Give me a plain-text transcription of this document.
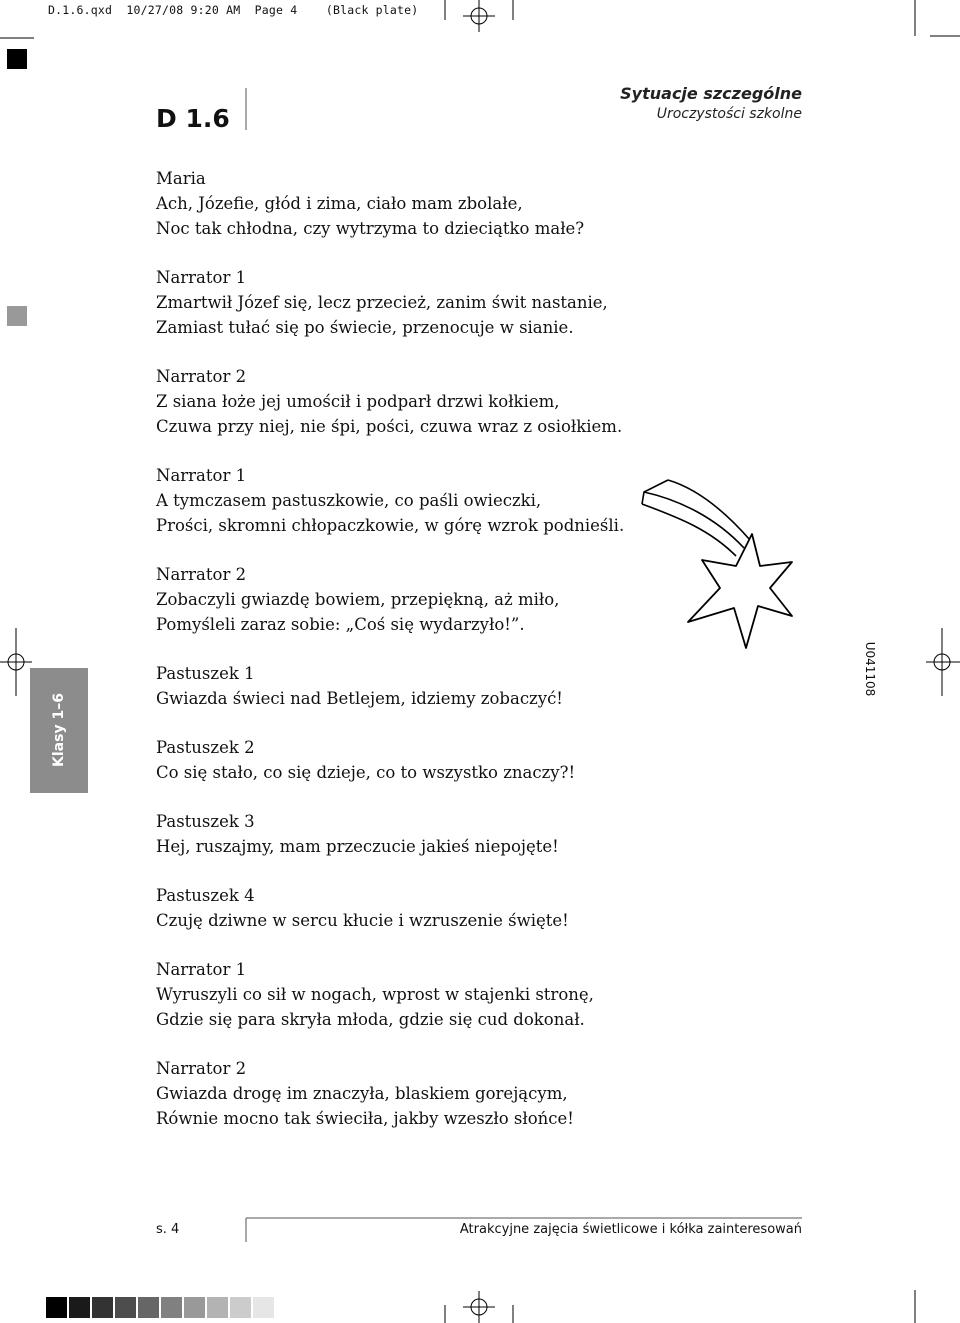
D.1.6.qxd  10/27/08 9:20 AM  Page 4    (Black plate)
D 1.6
Sytuacje szczególne
Uroczystości szkolne
Maria
Ach, Józefie, głód i zima, ciało mam zbolałe,
Noc tak chłodna, czy wytrzyma to dzieciątko małe?
Narrator 1
Zmartwił Józef się, lecz przecież, zanim świt nastanie,
Zamiast tułać się po świecie, przenocuje w sianie.
Narrator 2
Z siana łoże jej umościł i podparł drzwi kołkiem,
Czuwa przy niej, nie śpi, pości, czuwa wraz z osiołkiem.
Narrator 1
A tymczasem pastuszkowie, co paśli owieczki,
Prości, skromni chłopaczkowie, w górę wzrok podnieśli.
Narrator 2
Zobaczyli gwiazdę bowiem, przepiękną, aż miło,
Pomyśleli zaraz sobie: „Coś się wydarzyło!”.
Pastuszek 1
Gwiazda świeci nad Betlejem, idziemy zobaczyć!
Pastuszek 2
Co się stało, co się dzieje, co to wszystko znaczy?!
Pastuszek 3
Hej, ruszajmy, mam przeczucie jakieś niepojęte!
Pastuszek 4
Czuję dziwne w sercu kłucie i wzruszenie święte!
Narrator 1
Wyruszyli co sił w nogach, wprost w stajenki stronę,
Gdzie się para skryła młoda, gdzie się cud dokonał.
Narrator 2
Gwiazda drogę im znaczyła, blaskiem gorejącym,
Równie mocno tak świeciła, jakby wzeszło słońce!
Klasy 1–6
U041108
s. 4	Atrakcyjne zajęcia świetlicowe i kółka zainteresowań
